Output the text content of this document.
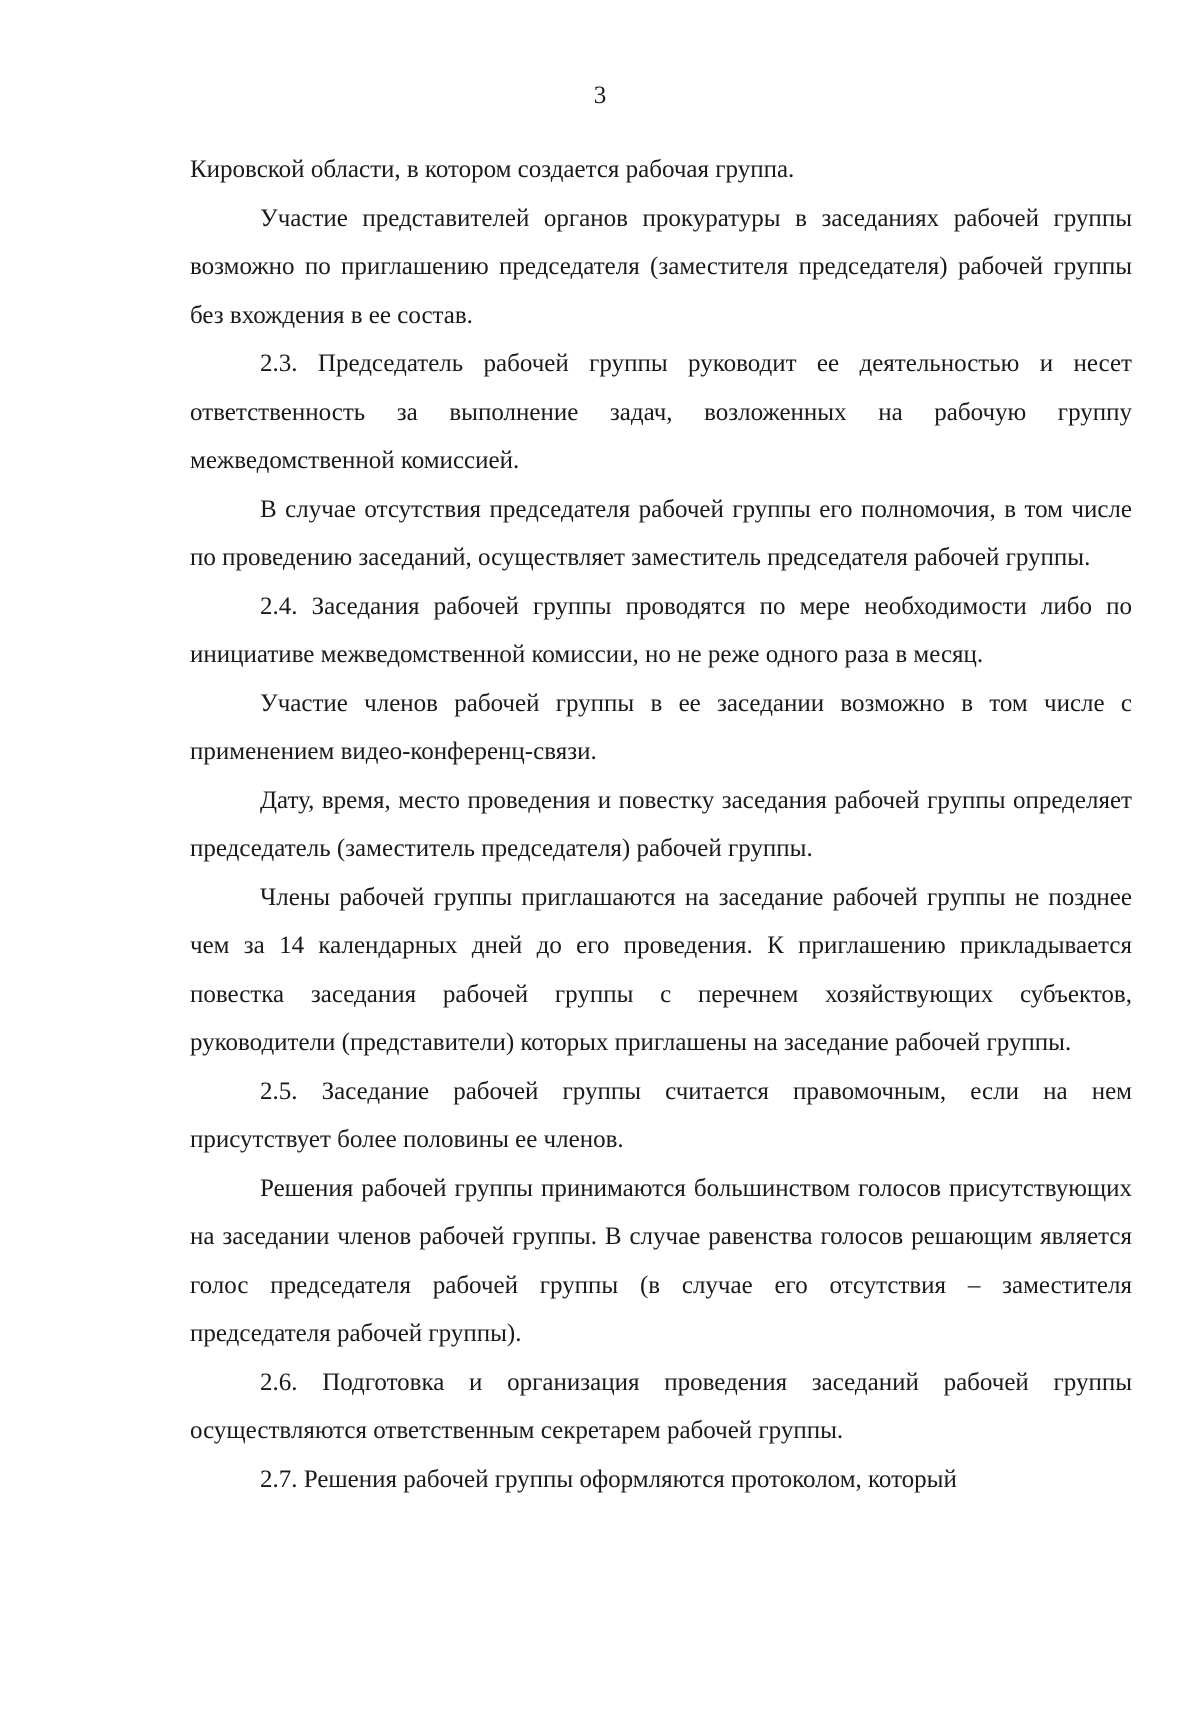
3

Кировской области, в котором создается рабочая группа.

Участие представителей органов прокуратуры в заседаниях рабочей группы возможно по приглашению председателя (заместителя председателя) рабочей группы без вхождения в ее состав.

2.3. Председатель рабочей группы руководит ее деятельностью и несет ответственность за выполнение задач, возложенных на рабочую группу межведомственной комиссией.

В случае отсутствия председателя рабочей группы его полномочия, в том числе по проведению заседаний, осуществляет заместитель председателя рабочей группы.

2.4. Заседания рабочей группы проводятся по мере необходимости либо по инициативе межведомственной комиссии, но не реже одного раза в месяц.

Участие членов рабочей группы в ее заседании возможно в том числе с применением видео-конференц-связи.

Дату, время, место проведения и повестку заседания рабочей группы определяет председатель (заместитель председателя) рабочей группы.

Члены рабочей группы приглашаются на заседание рабочей группы не позднее чем за 14 календарных дней до его проведения. К приглашению прикладывается повестка заседания рабочей группы с перечнем хозяйствующих субъектов, руководители (представители) которых приглашены на заседание рабочей группы.

2.5. Заседание рабочей группы считается правомочным, если на нем присутствует более половины ее членов.

Решения рабочей группы принимаются большинством голосов присутствующих на заседании членов рабочей группы. В случае равенства голосов решающим является голос председателя рабочей группы (в случае его отсутствия – заместителя председателя рабочей группы).

2.6. Подготовка и организация проведения заседаний рабочей группы осуществляются ответственным секретарем рабочей группы.

2.7. Решения рабочей группы оформляются протоколом, который
